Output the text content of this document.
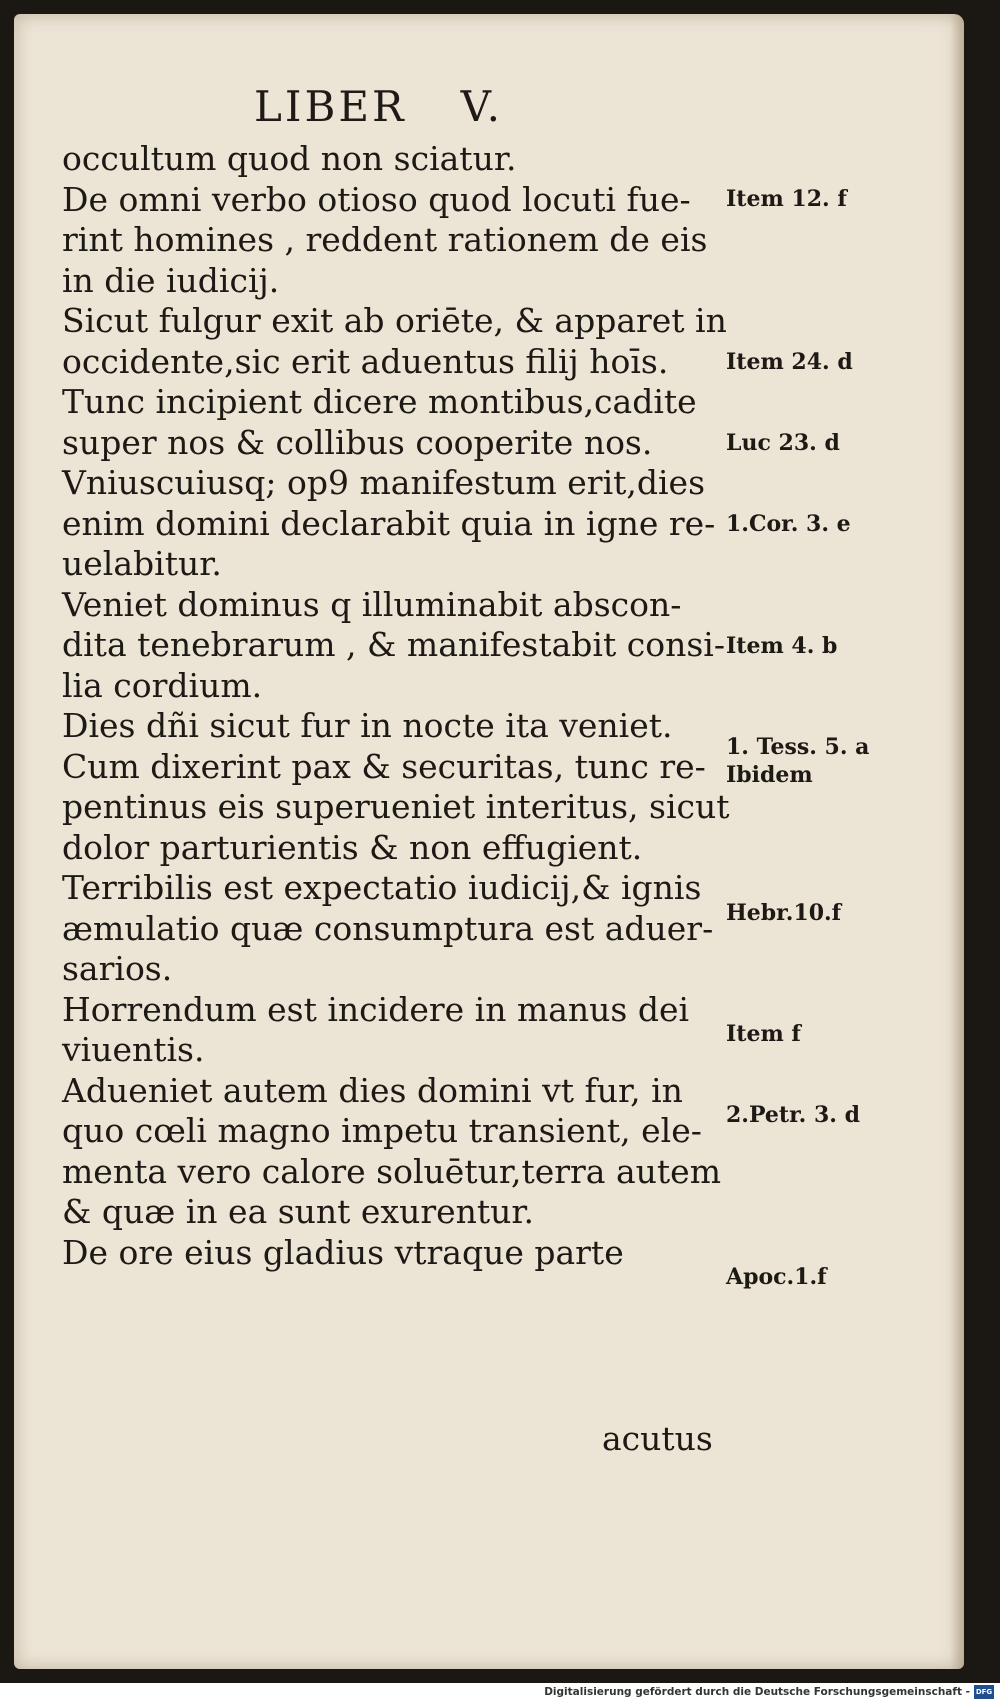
LIBER V.
occultum quod non sciatur.
De omni verbo otioso quod locuti fue-
rint homines , reddent rationem de eis
in die iudicij.
Sicut fulgur exit ab oriēte, & apparet in
occidente,sic erit aduentus filij hoīs.
Tunc incipient dicere montibus,cadite
super nos & collibus cooperite nos.
Vniuscuiusq; op9 manifestum erit,dies
enim domini declarabit quia in igne re-
uelabitur.
Veniet dominus q illuminabit abscon-
dita tenebrarum , & manifestabit consi-
lia cordium.
Dies dñi sicut fur in nocte ita veniet.
Cum dixerint pax & securitas, tunc re-
pentinus eis superueniet interitus, sicut
dolor parturientis & non effugient.
Terribilis est expectatio iudicij,& ignis
æmulatio quæ consumptura est aduer-
sarios.
Horrendum est incidere in manus dei
viuentis.
Adueniet autem dies domini vt fur, in
quo cœli magno impetu transient, ele-
menta vero calore soluētur,terra autem
& quæ in ea sunt exurentur.
De ore eius gladius vtraque parte
Item 12. f
Item 24. d
Luc 23. d
1.Cor. 3. e
Item 4. b
1. Tess. 5. a
Ibidem
Hebr.10.f
Item f
2.Petr. 3. d
Apoc.1.f
acutus
Digitalisierung gefördert durch die Deutsche Forschungsgemeinschaft - DFG
